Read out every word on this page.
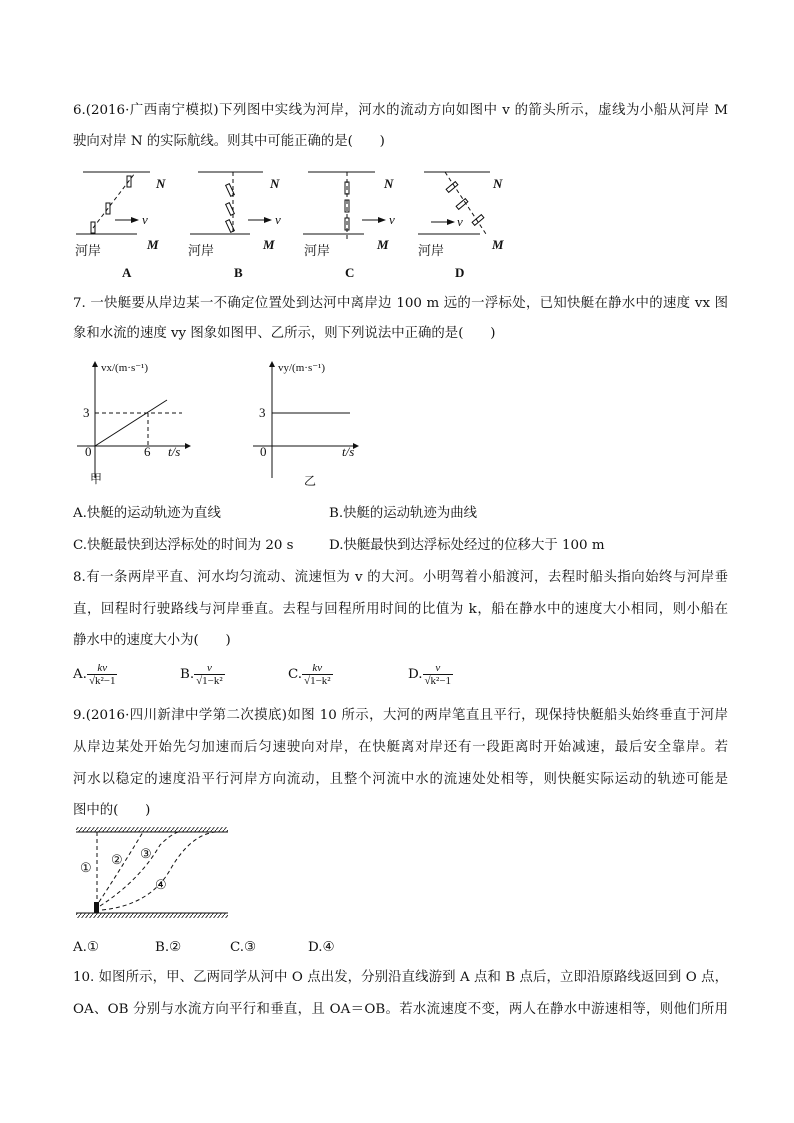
6.(2016·广西南宁模拟)下列图中实线为河岸，河水的流动方向如图中 v 的箭头所示，虚线为小船从河岸 M
驶向对岸 N 的实际航线。则其中可能正确的是(　　)
河岸	河岸	河岸	河岸
M	M	M	M
N	N	N	N
v	v	v	v
A	B	C	D
7. 一快艇要从岸边某一不确定位置处到达河中离岸边 100 m 远的一浮标处，已知快艇在静水中的速度 vx 图
象和水流的速度 vy 图象如图甲、乙所示，则下列说法中正确的是(　　)
vx/(m·s⁻¹)
3
0	6 t/s
甲
vy/(m·s⁻¹)
3
0	t/s
乙
A.快艇的运动轨迹为直线	B.快艇的运动轨迹为曲线
C.快艇最快到达浮标处的时间为 20 s	D.快艇最快到达浮标处经过的位移大于 100 m
8.有一条两岸平直、河水均匀流动、流速恒为 v 的大河。小明驾着小船渡河，去程时船头指向始终与河岸垂
直，回程时行驶路线与河岸垂直。去程与回程所用时间的比值为 k，船在静水中的速度大小相同，则小船在
静水中的速度大小为(　　)
A. $\frac{kv}{\text{√k²−1}}$	B. $\frac{v}{\text{√1−k²}}$	C. $\frac{kv}{\text{√1−k²}}$	D. $\frac{v}{\text{√k²−1}}$
9.(2016·四川新津中学第二次摸底)如图 10 所示，大河的两岸笔直且平行，现保持快艇船头始终垂直于河岸
从岸边某处开始先匀加速而后匀速驶向对岸，在快艇离对岸还有一段距离时开始减速，最后安全靠岸。若
河水以稳定的速度沿平行河岸方向流动，且整个河流中水的流速处处相等，则快艇实际运动的轨迹可能是
图中的(　　)
①
② ③
④
A.①	B.②	C.③	D.④
10. 如图所示，甲、乙两同学从河中 O 点出发，分别沿直线游到 A 点和 B 点后，立即沿原路线返回到 O 点，
OA、OB 分别与水流方向平行和垂直，且 OA＝OB。若水流速度不变，两人在静水中游速相等，则他们所用
